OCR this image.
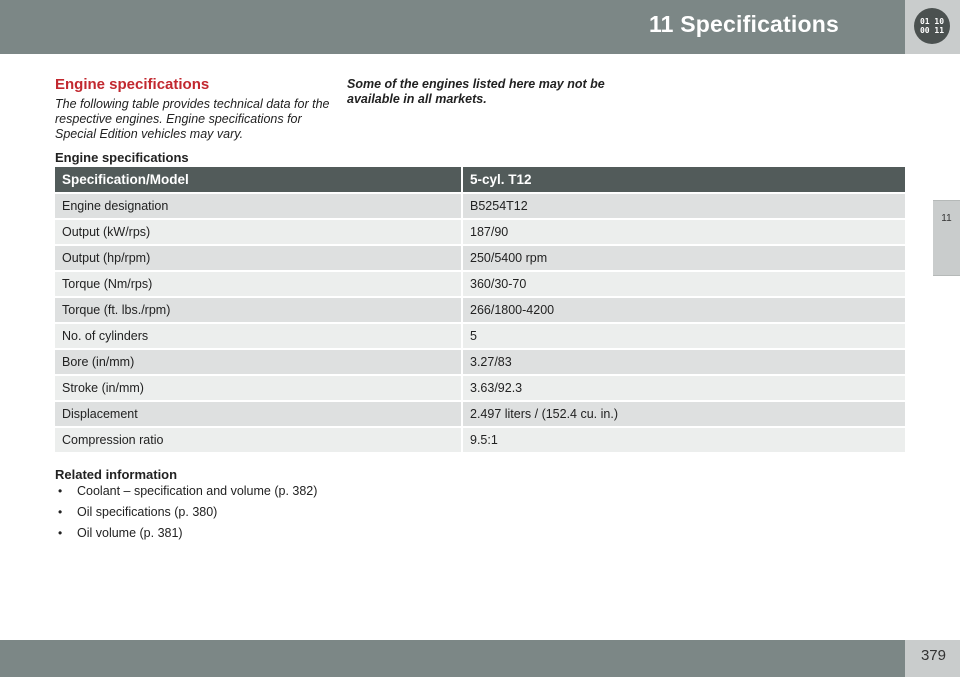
11 Specifications	01 10
00 11
11
Engine specifications
The following table provides technical data for the respective engines. Engine specifications for Special Edition vehicles may vary.
Some of the engines listed here may not be available in all markets.
Engine specifications
Specification/Model	5-cyl. T12
Engine designation	B5254T12
Output (kW/rps)	187/90
Output (hp/rpm)	250/5400 rpm
Torque (Nm/rps)	360/30-70
Torque (ft. lbs./rpm)	266/1800-4200
No. of cylinders	5
Bore (in/mm)	3.27/83
Stroke (in/mm)	3.63/92.3
Displacement	2.497 liters / (152.4 cu. in.)
Compression ratio	9.5:1
Related information
• Coolant – specification and volume (p. 382)
• Oil specifications (p. 380)
• Oil volume (p. 381)
379
